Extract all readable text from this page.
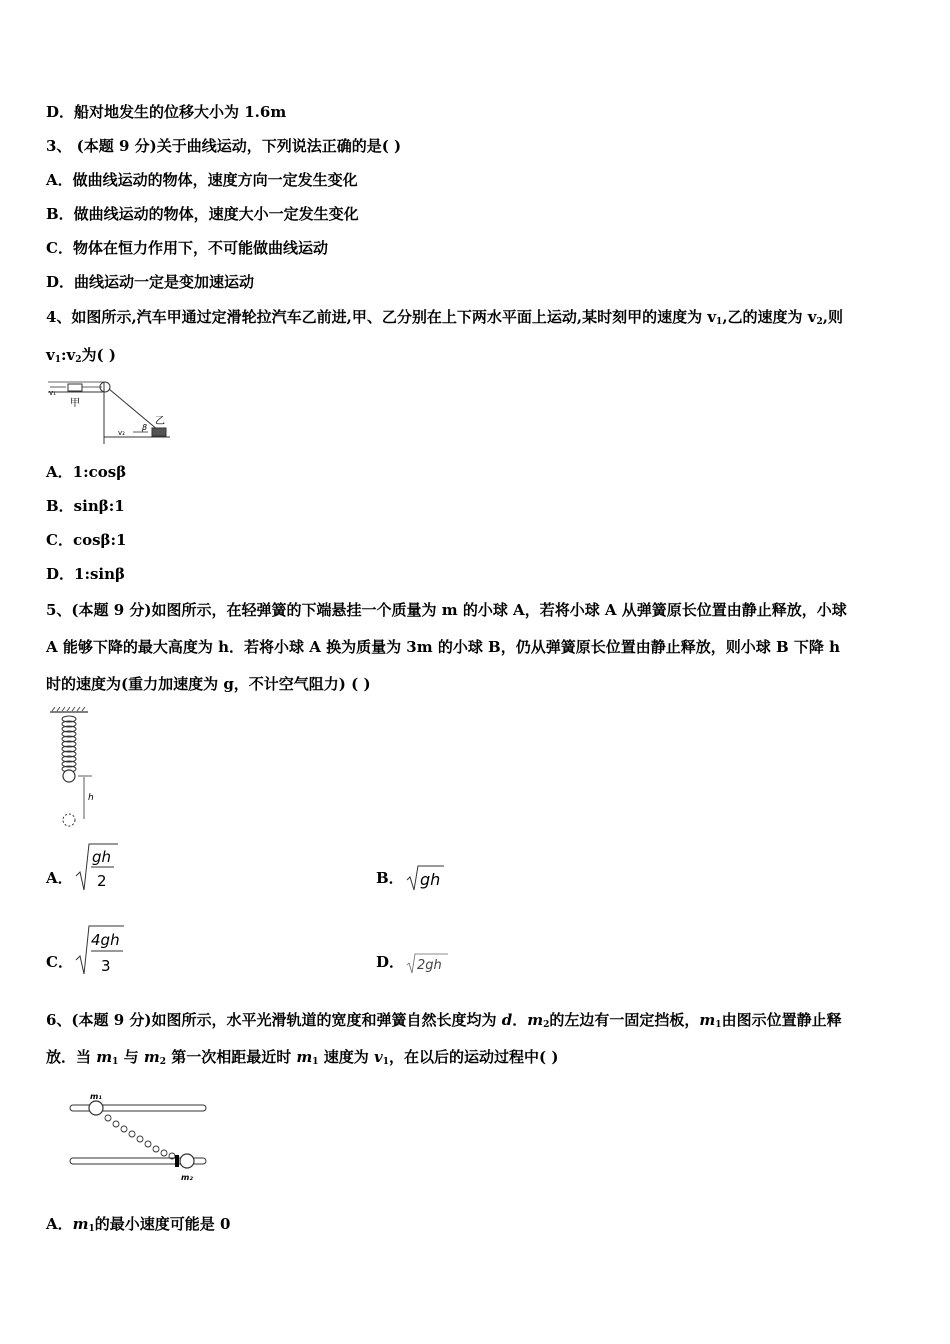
D．船对地发生的位移大小为 1.6m
3、 (本题 9 分)关于曲线运动，下列说法正确的是( )
A．做曲线运动的物体，速度方向一定发生变化
B．做曲线运动的物体，速度大小一定发生变化
C．物体在恒力作用下，不可能做曲线运动
D．曲线运动一定是变加速运动
4、如图所示,汽车甲通过定滑轮拉汽车乙前进,甲、乙分别在上下两水平面上运动,某时刻甲的速度为 $v_1$,乙的速度为 $v_2$,则
$v_1:v_2$为( )
甲
乙
v₁
v₂
β
A．1:cosβ
B．sinβ:1
C．cosβ:1
D．1:sinβ
5、(本题 9 分)如图所示，在轻弹簧的下端悬挂一个质量为 m 的小球 A，若将小球 A 从弹簧原长位置由静止释放，小球
A 能够下降的最大高度为 h．若将小球 A 换为质量为 3m 的小球 B，仍从弹簧原长位置由静止释放，则小球 B 下降 h
时的速度为(重力加速度为 g，不计空气阻力) ( )
h
A．
gh
2	B． gh
C．
4gh
3	D． 2gh
6、(本题 9 分)如图所示，水平光滑轨道的宽度和弹簧自然长度均为 d．$m_2$的左边有一固定挡板，$m_1$由图示位置静止释
放．当 $m_1$ 与 $m_2$ 第一次相距最近时 $m_1$ 速度为 $v_1$，在以后的运动过程中( )
m₁
m₂
A．$m_1$的最小速度可能是 0
